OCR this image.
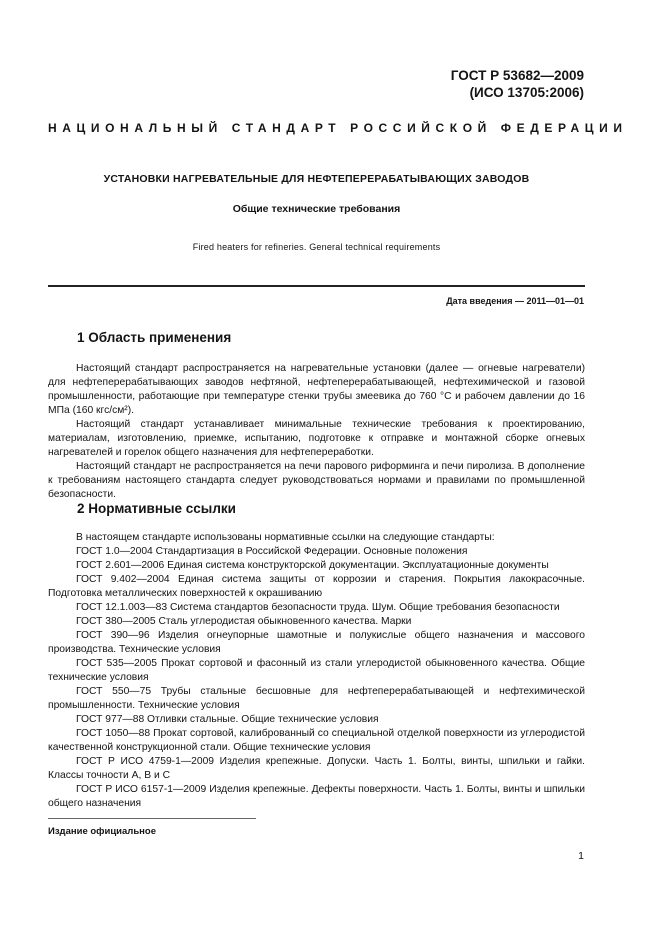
ГОСТ Р 53682—2009
(ИСО 13705:2006)
НАЦИОНАЛЬНЫЙ СТАНДАРТ РОССИЙСКОЙ ФЕДЕРАЦИИ
УСТАНОВКИ НАГРЕВАТЕЛЬНЫЕ ДЛЯ НЕФТЕПЕРЕРАБАТЫВАЮЩИХ ЗАВОДОВ
Общие технические требования
Fired heaters for refineries. General technical requirements
Дата введения — 2011—01—01
1 Область применения

Настоящий стандарт распространяется на нагревательные установки (далее — огневые нагреватели) для нефтеперерабатывающих заводов нефтяной, нефтеперерабатывающей, нефтехимической и газовой промышленности, работающие при температуре стенки трубы змеевика до 760 °С и рабочем давлении до 16 МПа (160 кгс/см²).

Настоящий стандарт устанавливает минимальные технические требования к проектированию, материалам, изготовлению, приемке, испытанию, подготовке к отправке и монтажной сборке огневых нагревателей и горелок общего назначения для нефтепереработки.

Настоящий стандарт не распространяется на печи парового риформинга и печи пиролиза. В дополнение к требованиям настоящего стандарта следует руководствоваться нормами и правилами по промышленной безопасности.

2 Нормативные ссылки

В настоящем стандарте использованы нормативные ссылки на следующие стандарты:

ГОСТ 1.0—2004 Стандартизация в Российской Федерации. Основные положения

ГОСТ 2.601—2006 Единая система конструкторской документации. Эксплуатационные документы

ГОСТ 9.402—2004 Единая система защиты от коррозии и старения. Покрытия лакокрасочные. Подготовка металлических поверхностей к окрашиванию

ГОСТ 12.1.003—83 Система стандартов безопасности труда. Шум. Общие требования безопасности

ГОСТ 380—2005 Сталь углеродистая обыкновенного качества. Марки

ГОСТ 390—96 Изделия огнеупорные шамотные и полукислые общего назначения и массового производства. Технические условия

ГОСТ 535—2005 Прокат сортовой и фасонный из стали углеродистой обыкновенного качества. Общие технические условия

ГОСТ 550—75 Трубы стальные бесшовные для нефтеперерабатывающей и нефтехимической промышленности. Технические условия

ГОСТ 977—88 Отливки стальные. Общие технические условия

ГОСТ 1050—88 Прокат сортовой, калиброванный со специальной отделкой поверхности из углеродистой качественной конструкционной стали. Общие технические условия

ГОСТ Р ИСО 4759-1—2009 Изделия крепежные. Допуски. Часть 1. Болты, винты, шпильки и гайки. Классы точности A, B и C

ГОСТ Р ИСО 6157-1—2009 Изделия крепежные. Дефекты поверхности. Часть 1. Болты, винты и шпильки общего назначения

Издание официальное
1
